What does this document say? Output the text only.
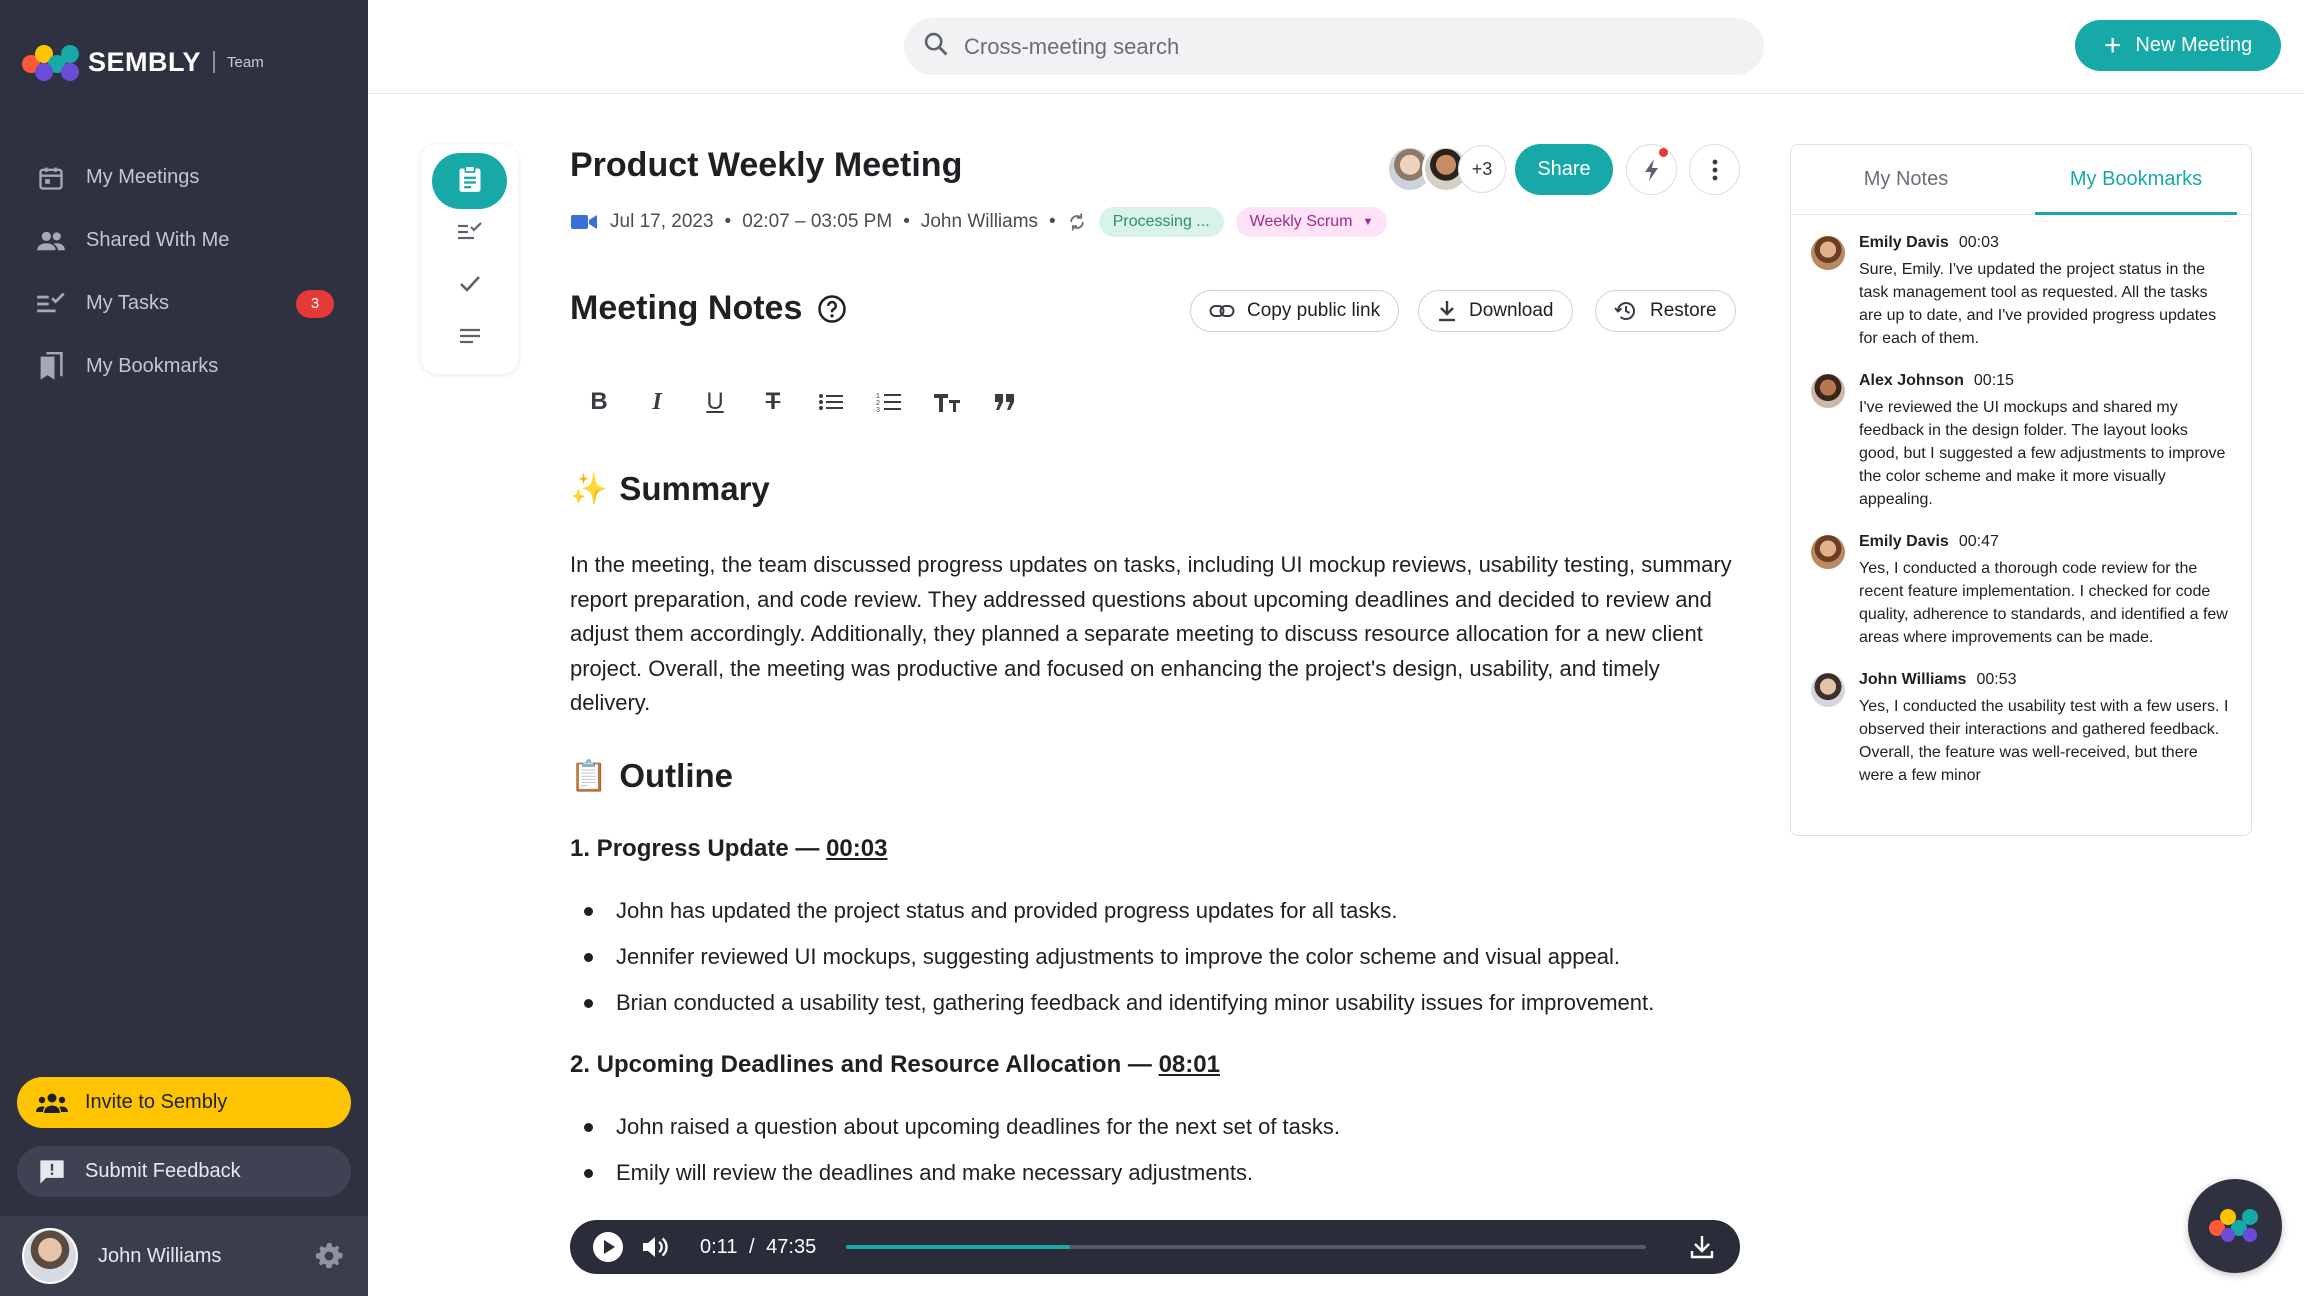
SEMBLY Team
My Meetings
Shared With Me
My Tasks	3
My Bookmarks
Invite to Sembly
Submit Feedback
John Williams
Cross-meeting search
+ New Meeting
Product Weekly Meeting
Jul 17, 2023 • 02:07 – 03:05 PM • John Williams •	Processing ...	Weekly Scrum ▼
+3	Share
Meeting Notes	Copy public link	Download	Restore
B I U T	1
2
3
✨ Summary

In the meeting, the team discussed progress updates on tasks, including UI mockup reviews, usability testing, summary report preparation, and code review. They addressed questions about upcoming deadlines and decided to review and adjust them accordingly. Additionally, they planned a separate meeting to discuss resource allocation for a new client project. Overall, the meeting was productive and focused on enhancing the project's design, usability, and timely delivery.

📋 Outline
1. Progress Update — 00:03
John has updated the project status and provided progress updates for all tasks.
Jennifer reviewed UI mockups, suggesting adjustments to improve the color scheme and visual appeal.
Brian conducted a usability test, gathering feedback and identifying minor usability issues for improvement.
2. Upcoming Deadlines and Resource Allocation — 08:01
John raised a question about upcoming deadlines for the next set of tasks.
Emily will review the deadlines and make necessary adjustments.
0:11 / 47:35
My Notes	My Bookmarks
Emily Davis 00:03
Sure, Emily. I've updated the project status in the task management tool as requested. All the tasks are up to date, and I've provided progress updates for each of them.
Alex Johnson 00:15
I've reviewed the UI mockups and shared my feedback in the design folder. The layout looks good, but I suggested a few adjustments to improve the color scheme and make it more visually appealing.
Emily Davis 00:47
Yes, I conducted a thorough code review for the recent feature implementation. I checked for code quality, adherence to standards, and identified a few areas where improvements can be made.
John Williams 00:53
Yes, I conducted the usability test with a few users. I observed their interactions and gathered feedback. Overall, the feature was well-received, but there were a few minor
